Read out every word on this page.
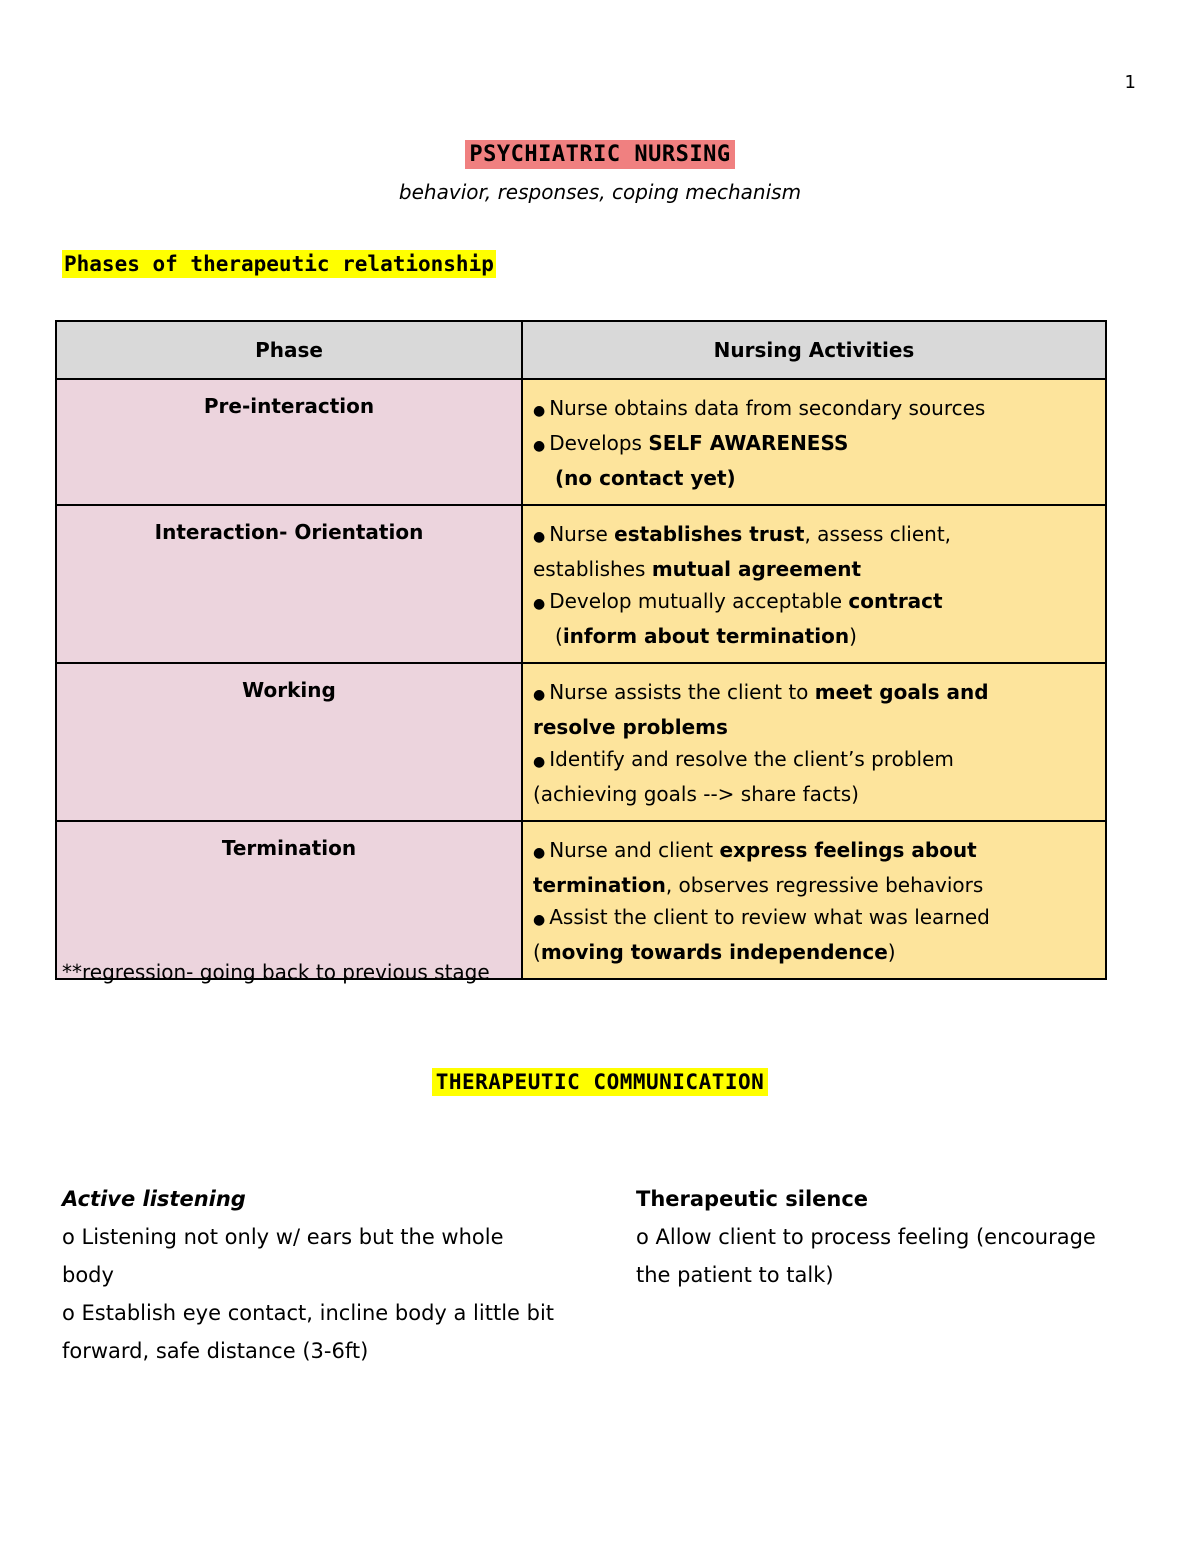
1
PSYCHIATRIC NURSING
behavior, responses, coping mechanism
Phases of therapeutic relationship
Phase	Nursing Activities
Pre-interaction	● Nurse obtains data from secondary sources
● Develops SELF AWARENESS
(no contact yet)

Interaction- Orientation	● Nurse establishes trust, assess client,
establishes mutual agreement
● Develop mutually acceptable contract
(inform about termination)

Working	● Nurse assists the client to meet goals and
resolve problems
● Identify and resolve the client’s problem
(achieving goals --> share facts)

Termination	● Nurse and client express feelings about
termination, observes regressive behaviors
● Assist the client to review what was learned
(moving towards independence)
**regression- going back to previous stage
THERAPEUTIC COMMUNICATION
Active listening
o Listening not only w/ ears but the whole body
o Establish eye contact, incline body a little bit forward, safe distance (3-6ft)
Therapeutic silence
o Allow client to process feeling (encourage the patient to talk)
